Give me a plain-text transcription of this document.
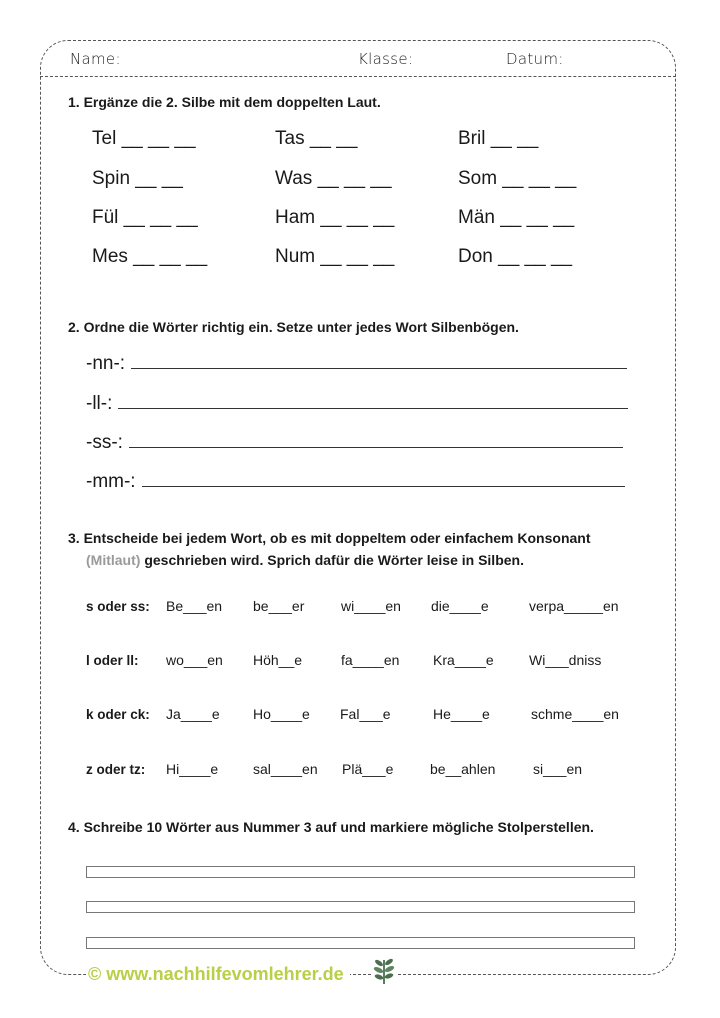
Name:	Klasse:	Datum:
1. Ergänze die 2. Silbe mit dem doppelten Laut.
Tel __ __ __	Tas __ __	Bril __ __
Spin __ __	Was __ __ __	Som __ __ __
Fül __ __ __	Ham __ __ __	Män __ __ __
Mes __ __ __	Num __ __ __	Don __ __ __
2. Ordne die Wörter richtig ein. Setze unter jedes Wort Silbenbögen.
-nn-:
-ll-:
-ss-:
-mm-:
3. Entscheide bei jedem Wort, ob es mit doppeltem oder einfachem Konsonant
(Mitlaut) geschrieben wird. Sprich dafür die Wörter leise in Silben.
s oder ss: Be___en be___er	wi____en die____e	verpa_____en
l oder ll: wo___en Höh__e	fa____en Kra____e	Wi___dniss
k oder ck: Ja____e Ho____e Fal___e	He____e	schme____en
z oder tz: Hi____e sal____en Plä___e	be__ahlen	si___en
4. Schreibe 10 Wörter aus Nummer 3 auf und markiere mögliche Stolperstellen.
© www.nachhilfevomlehrer.de
